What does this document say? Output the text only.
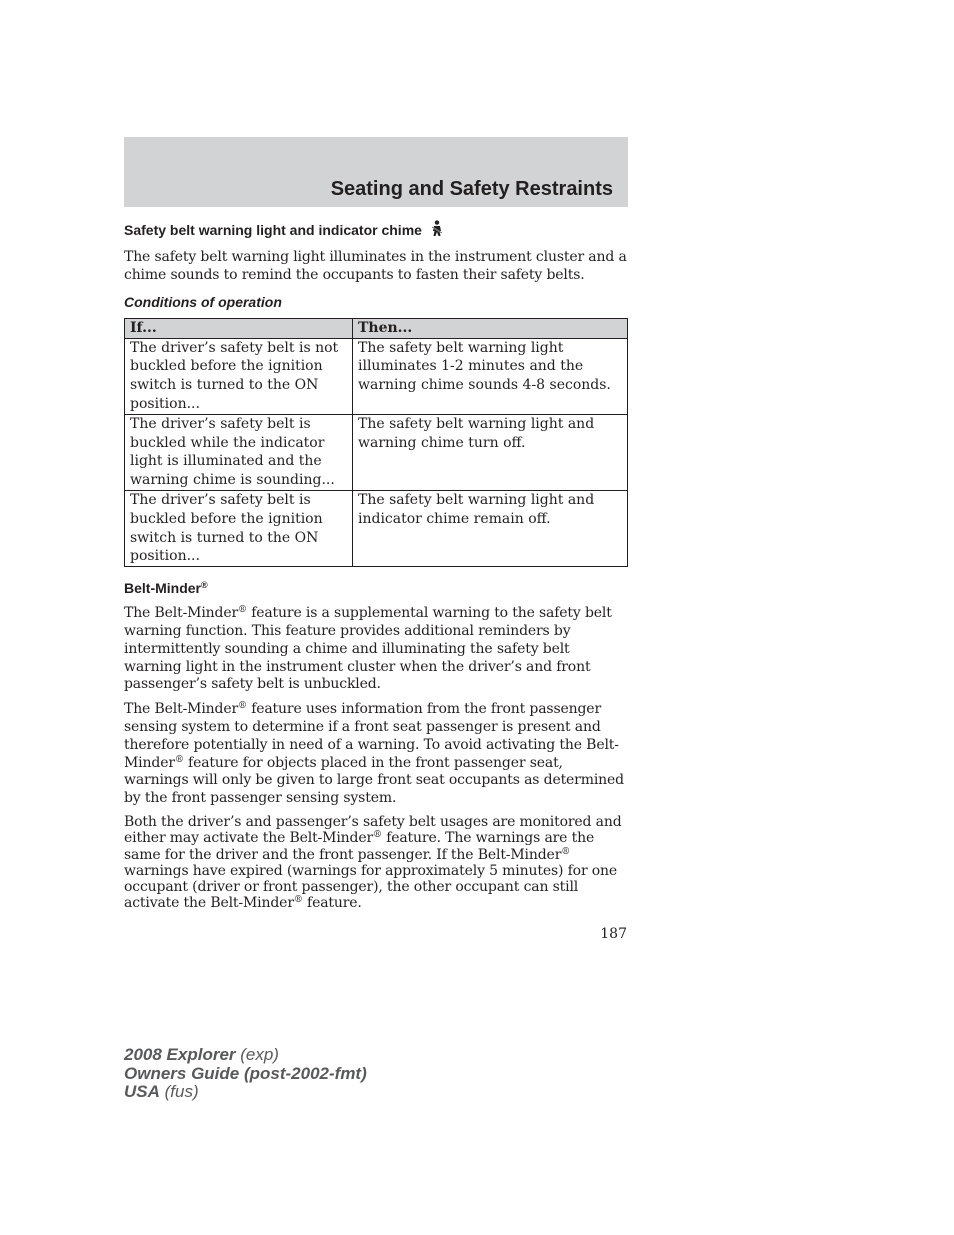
Seating and Safety Restraints
Safety belt warning light and indicator chime

The safety belt warning light illuminates in the instrument cluster and a chime sounds to remind the occupants to fasten their safety belts.

Conditions of operation
If...	Then...
The driver’s safety belt is not buckled before the ignition switch is turned to the ON position...	The safety belt warning light illuminates 1-2 minutes and the warning chime sounds 4-8 seconds.
The driver’s safety belt is buckled while the indicator light is illuminated and the warning chime is sounding...	The safety belt warning light and warning chime turn off.
The driver’s safety belt is buckled before the ignition switch is turned to the ON position...	The safety belt warning light and indicator chime remain off.
Belt-Minder®

The Belt-Minder® feature is a supplemental warning to the safety belt warning function. This feature provides additional reminders by intermittently sounding a chime and illuminating the safety belt warning light in the instrument cluster when the driver’s and front passenger’s safety belt is unbuckled.

The Belt-Minder® feature uses information from the front passenger sensing system to determine if a front seat passenger is present and therefore potentially in need of a warning. To avoid activating the Belt-Minder® feature for objects placed in the front passenger seat, warnings will only be given to large front seat occupants as determined by the front passenger sensing system.

Both the driver’s and passenger’s safety belt usages are monitored and either may activate the Belt-Minder® feature. The warnings are the same for the driver and the front passenger. If the Belt-Minder® warnings have expired (warnings for approximately 5 minutes) for one occupant (driver or front passenger), the other occupant can still activate the Belt-Minder® feature.

187
2008 Explorer (exp)
Owners Guide (post-2002-fmt)
USA (fus)
